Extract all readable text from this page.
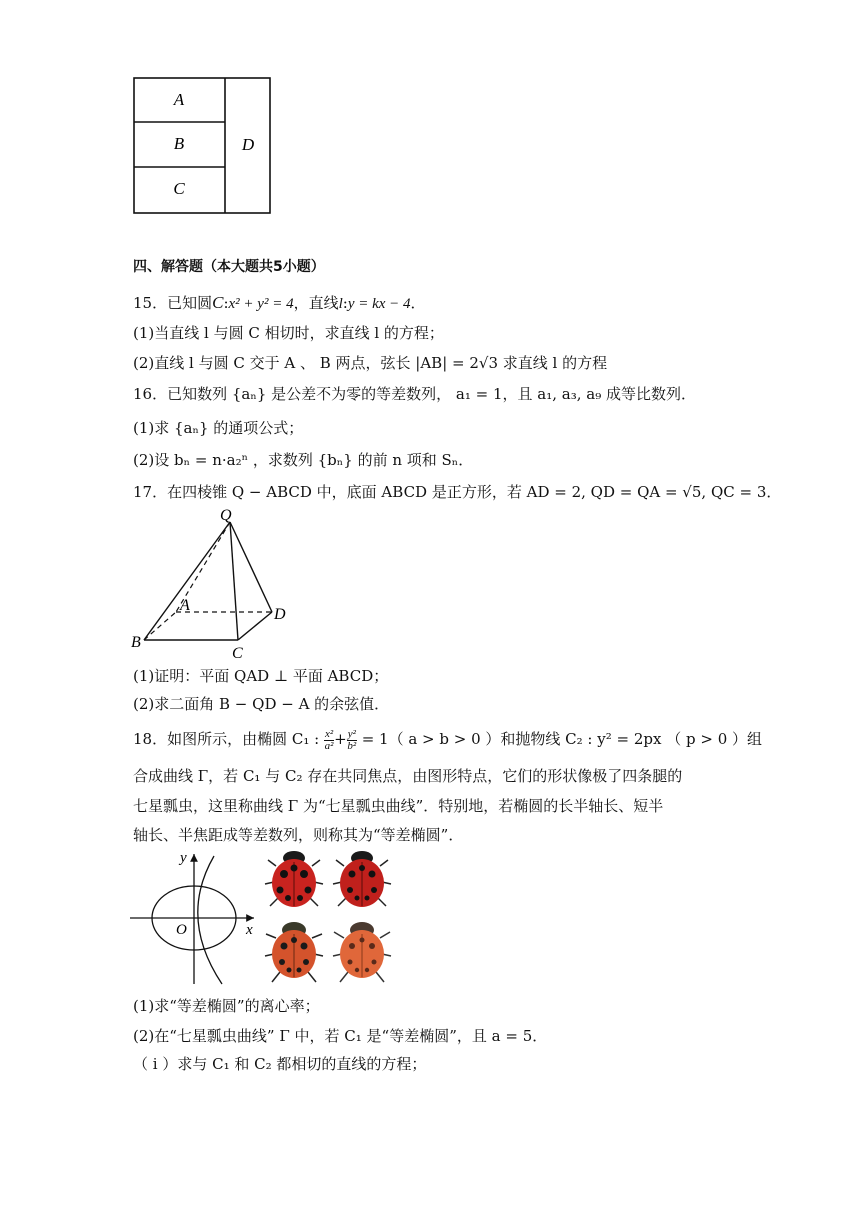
A
B
C
D
四、解答题（本大题共5小题）
15．已知圆C:x² + y² = 4，直线l:y = kx − 4．
(1)当直线 l 与圆 C 相切时，求直线 l 的方程；
(2)直线 l 与圆 C 交于 A 、 B 两点，弦长 |AB| = 2√3 求直线 l 的方程
16．已知数列 {aₙ} 是公差不为零的等差数列， a₁ = 1，且 a₁, a₃, a₉ 成等比数列．
(1)求 {aₙ} 的通项公式；
(2)设 bₙ = n·a₂ⁿ ，求数列 {bₙ} 的前 n 项和 Sₙ．
17．在四棱锥 Q − ABCD 中，底面 ABCD 是正方形，若 AD = 2, QD = QA = √5, QC = 3．
Q
A
B
C
D
(1)证明：平面 QAD ⊥ 平面 ABCD；
(2)求二面角 B − QD − A 的余弦值．
18．如图所示，由椭圆 C₁ : $\frac{\text{x²}}{\text{a²}} + \frac{\text{y²}}{\text{b²}} = 1$（ a > b > 0 ）和抛物线 C₂ : y² = 2px （ p > 0 ）组
合成曲线 Γ，若 C₁ 与 C₂ 存在共同焦点，由图形特点，它们的形状像极了四条腿的
七星瓢虫，这里称曲线 Γ 为“七星瓢虫曲线”．特别地，若椭圆的长半轴长、短半
轴长、半焦距成等差数列，则称其为“等差椭圆”．
y
x
O
(1)求“等差椭圆”的离心率；
(2)在“七星瓢虫曲线” Γ 中，若 C₁ 是“等差椭圆”，且 a = 5．
（ i ）求与 C₁ 和 C₂ 都相切的直线的方程；
